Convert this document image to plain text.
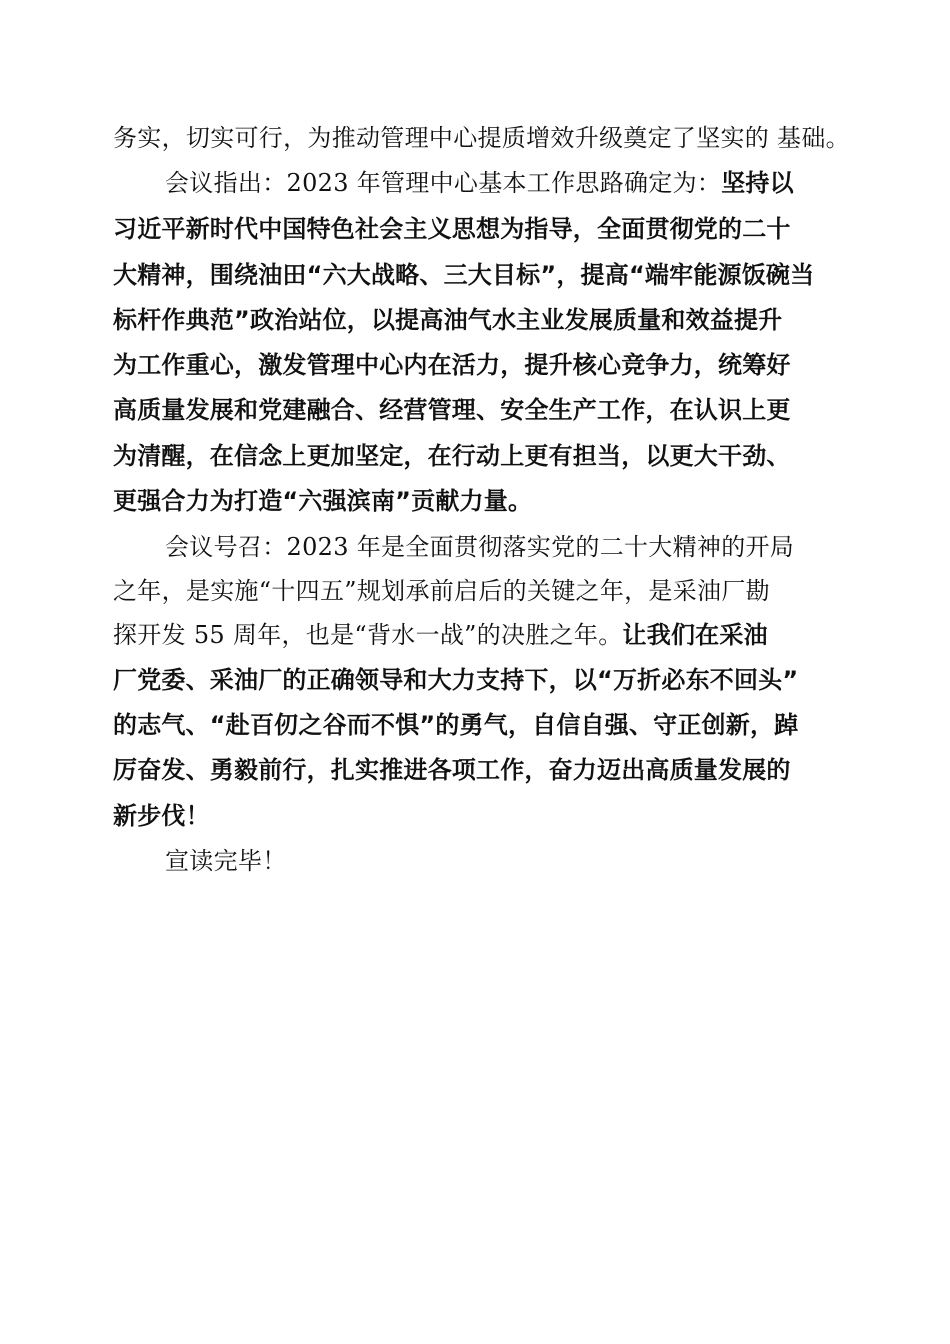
务实，切实可行，为推动管理中心提质增效升级奠定了坚实的 基础。
会议指出：2023 年管理中心基本工作思路确定为：坚持以
习近平新时代中国特色社会主义思想为指导，全面贯彻党的二十
大精神，围绕油田“六大战略、三大目标”，提高“端牢能源饭碗当
标杆作典范”政治站位，以提高油气水主业发展质量和效益提升
为工作重心，激发管理中心内在活力，提升核心竞争力，统筹好
高质量发展和党建融合、经营管理、安全生产工作，在认识上更
为清醒，在信念上更加坚定，在行动上更有担当，以更大干劲、
更强合力为打造“六强滨南”贡献力量。
会议号召：2023 年是全面贯彻落实党的二十大精神的开局
之年，是实施“十四五”规划承前启后的关键之年，是采油厂勘
探开发 55 周年，也是“背水一战”的决胜之年。让我们在采油
厂党委、采油厂的正确领导和大力支持下，以“万折必东不回头”
的志气、“赴百仞之谷而不惧”的勇气，自信自强、守正创新，踔
厉奋发、勇毅前行，扎实推进各项工作，奋力迈出高质量发展的
新步伐！
宣读完毕！
